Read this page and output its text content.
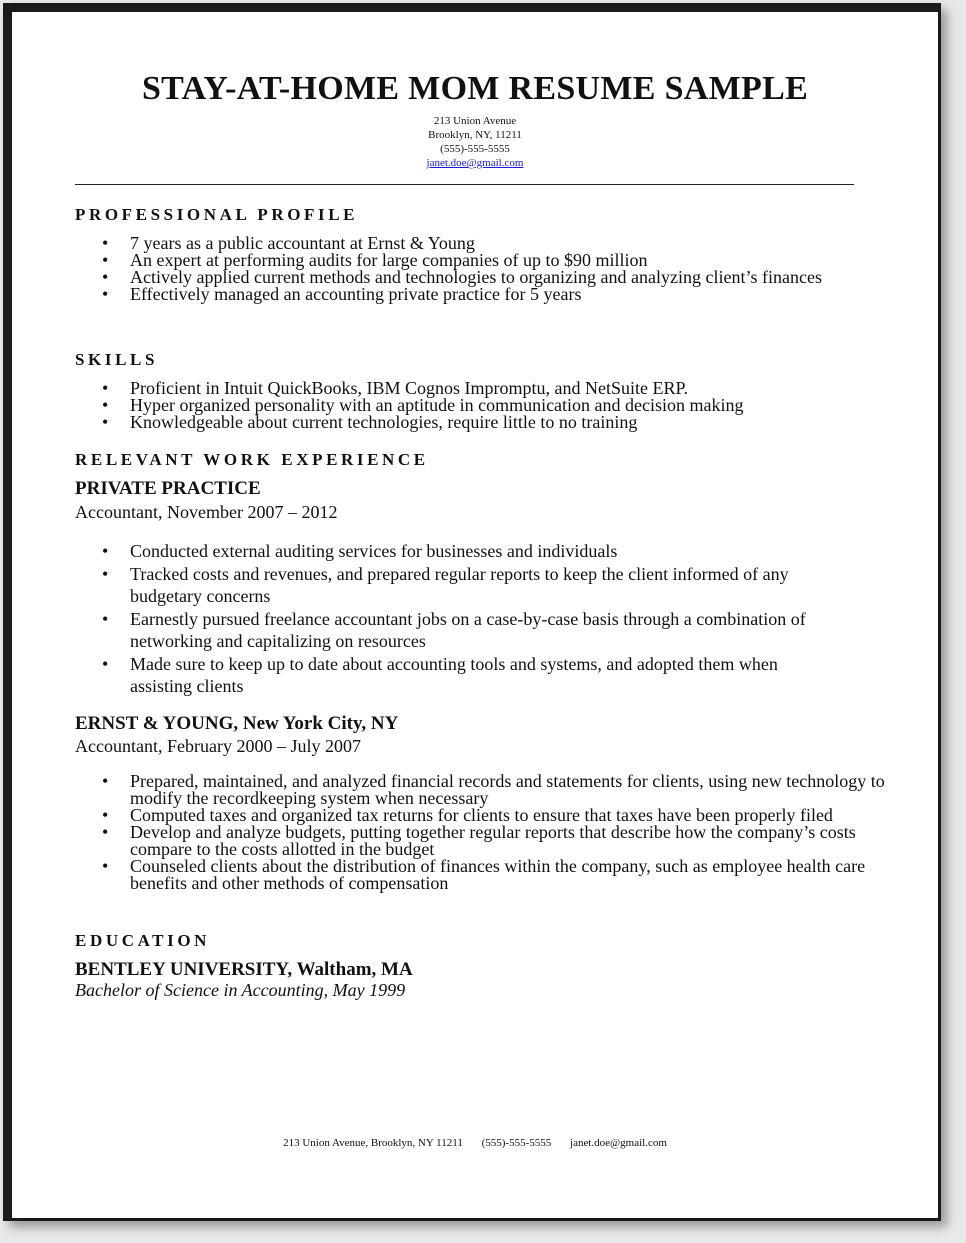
STAY-AT-HOME MOM RESUME SAMPLE
213 Union Avenue
Brooklyn, NY, 11211
(555)-555-5555
janet.doe@gmail.com
PROFESSIONAL PROFILE
• 7 years as a public accountant at Ernst & Young
• An expert at performing audits for large companies of up to $90 million
• Actively applied current methods and technologies to organizing and analyzing client’s finances
• Effectively managed an accounting private practice for 5 years
SKILLS
• Proficient in Intuit QuickBooks, IBM Cognos Impromptu, and NetSuite ERP.
• Hyper organized personality with an aptitude in communication and decision making
• Knowledgeable about current technologies, require little to no training
RELEVANT WORK EXPERIENCE

PRIVATE PRACTICE

Accountant, November 2007 – 2012

• Conducted external auditing services for businesses and individuals
• Tracked costs and revenues, and prepared regular reports to keep the client informed of any budgetary concerns
• Earnestly pursued freelance accountant jobs on a case-by-case basis through a combination of networking and capitalizing on resources
• Made sure to keep up to date about accounting tools and systems, and adopted them when assisting clients

ERNST & YOUNG, New York City, NY

Accountant, February 2000 – July 2007

• Prepared, maintained, and analyzed financial records and statements for clients, using new technology to modify the recordkeeping system when necessary
• Computed taxes and organized tax returns for clients to ensure that taxes have been properly filed
• Develop and analyze budgets, putting together regular reports that describe how the company’s costs compare to the costs allotted in the budget
• Counseled clients about the distribution of finances within the company, such as employee health care benefits and other methods of compensation
EDUCATION

BENTLEY UNIVERSITY, Waltham, MA

Bachelor of Science in Accounting, May 1999

213 Union Avenue, Brooklyn, NY 11211 (555)-555-5555 janet.doe@gmail.com
